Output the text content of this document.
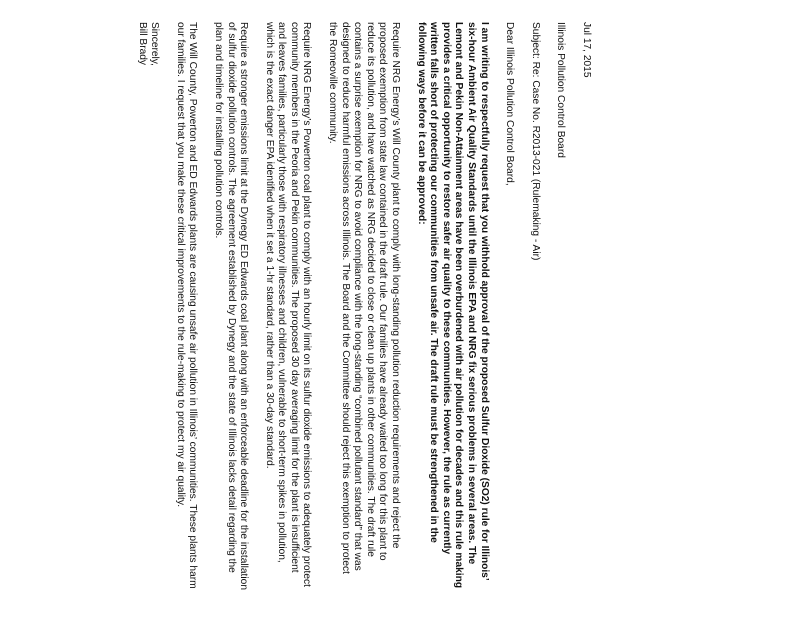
Jul 17, 2015
Illinois Pollution Control Board
Subject: Re: Case No. R2013-021 (Rulemaking - Air)
Dear Illinois Pollution Control Board,

I am writing to respectfully request that you withhold approval of the proposed Sulfur Dioxide (SO2) rule for Illinois’ six-hour Ambient Air Quality Standards until the Illinois EPA and NRG fix serious problems in several areas. The Lemont and Pekin Non-Attainment areas have been overburdened with air pollution for decades and this rule making provides a critical opportunity to restore safer air quality to these communities. However, the rule as currently written falls short of protecting our communities from unsafe air. The draft rule must be strengthened in the following ways before it can be approved:

Require NRG Energy’s Will County plant to comply with long-standing pollution reduction requirements and reject the proposed exemption from state law contained in the draft rule. Our families have already waited too long for this plant to reduce its pollution, and have watched as NRG decided to close or clean up plants in other communities. The draft rule contains a surprise exemption for NRG to avoid compliance with the long-standing “combined pollutant standard” that was designed to reduce harmful emissions across Illinois. The Board and the Committee should reject this exemption to protect the Romeoville community.

Require NRG Energy’s Powerton coal plant to comply with an hourly limit on its sulfur dioxide emissions to adequately protect community members in the Peoria and Pekin communities. The proposed 30 day averaging limit for the plant is insufficient and leaves families, particularly those with respiratory illnesses and children, vulnerable to short-term spikes in pollution, which is the exact danger EPA identified when it set a 1-hr standard, rather than a 30-day standard.

Require a stronger emissions limit at the Dynegy ED Edwards coal plant along with an enforceable deadline for the installation of sulfur dioxide pollution controls. The agreement established by Dynegy and the state of Illinois lacks detail regarding the plan and timeline for installing pollution controls.

The Will County, Powerton and ED Edwards plants are causing unsafe air pollution in Illinois’ communities. These plants harm our families. I request that you make these critical improvements to the rule-making to protect my air quality.

Sincerely,
Bill Brady
